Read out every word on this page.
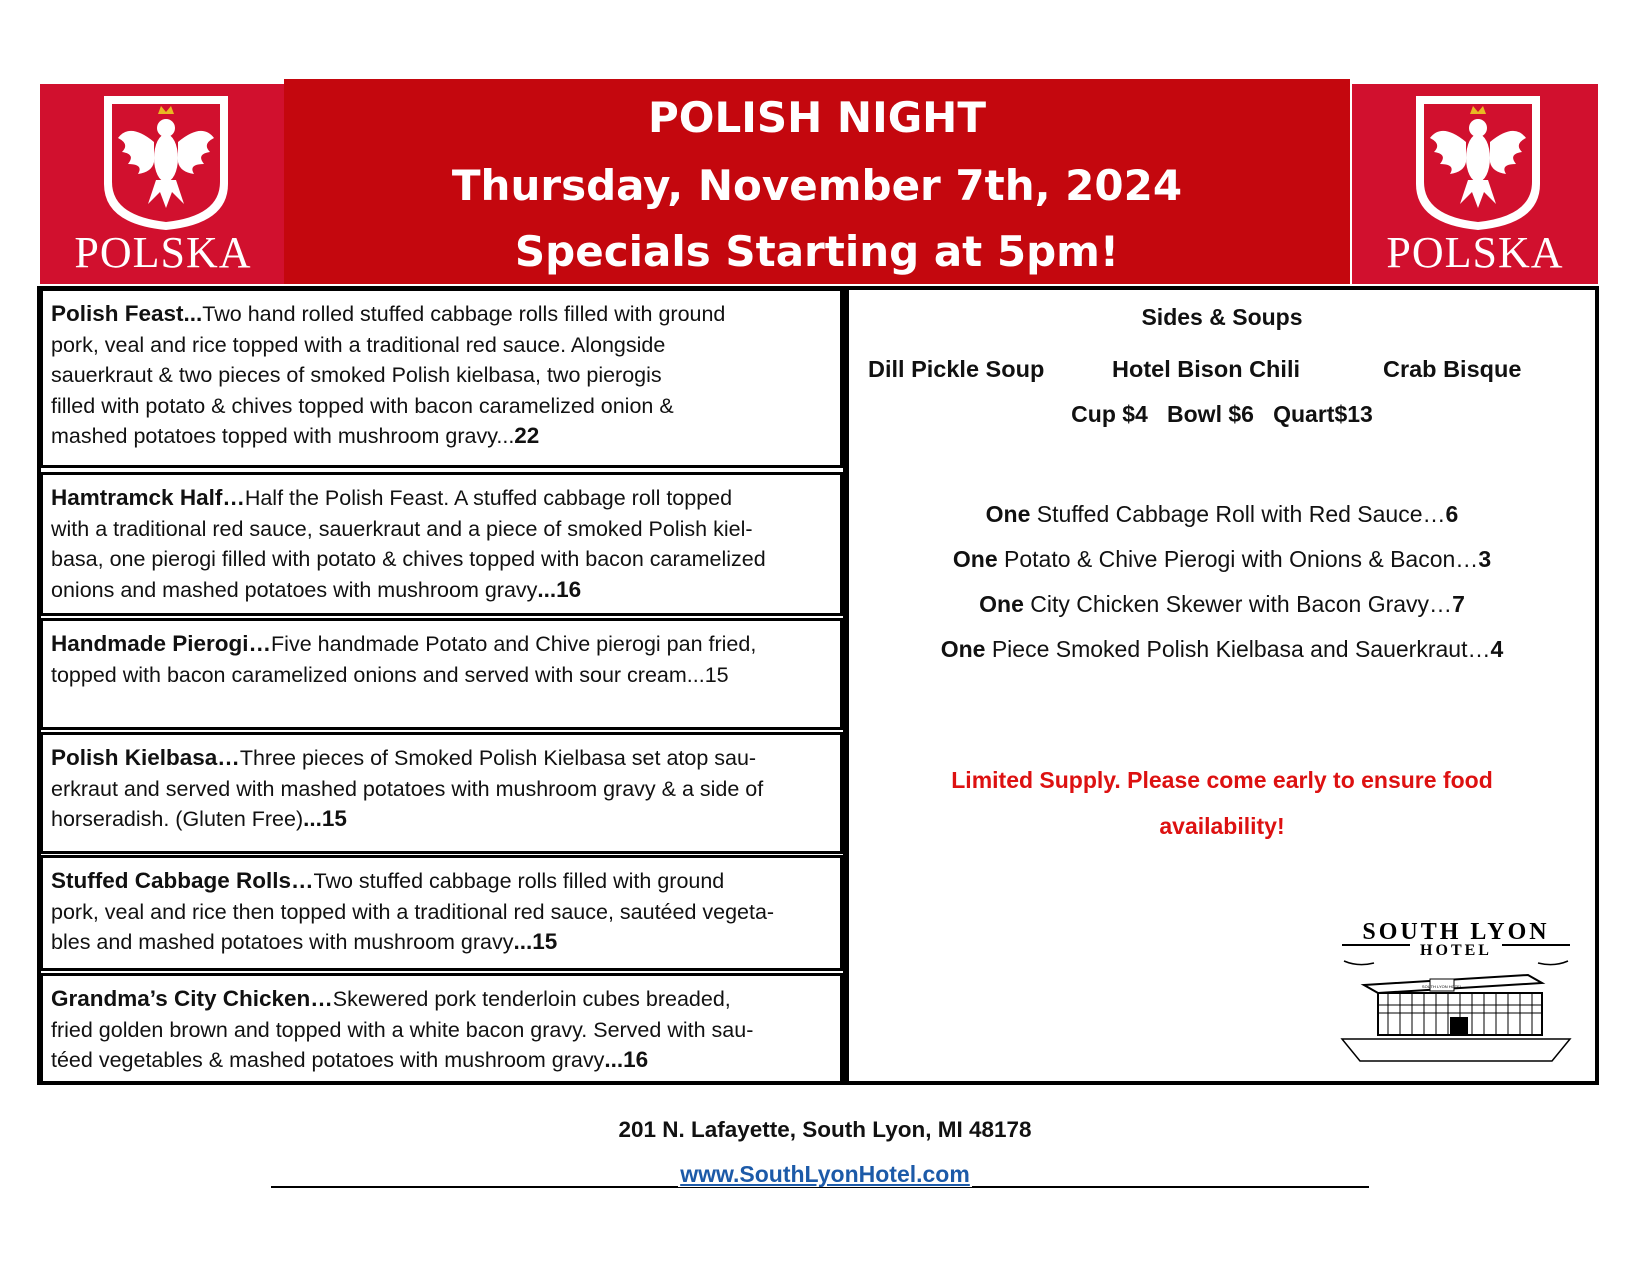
POLSKA
POLISH NIGHT
Thursday, November 7th, 2024
Specials Starting at 5pm!	POLSKA
Polish Feast...Two hand rolled stuffed cabbage rolls filled with ground
pork, veal and rice topped with a traditional red sauce. Alongside
sauerkraut & two pieces of smoked Polish kielbasa, two pierogis
filled with potato & chives topped with bacon caramelized onion &
mashed potatoes topped with mushroom gravy...22
Hamtramck Half…Half the Polish Feast. A stuffed cabbage roll topped
with a traditional red sauce, sauerkraut and a piece of smoked Polish kiel-
basa, one pierogi filled with potato & chives topped with bacon caramelized
onions and mashed potatoes with mushroom gravy...16
Handmade Pierogi…Five handmade Potato and Chive pierogi pan fried,
topped with bacon caramelized onions and served with sour cream...15
Polish Kielbasa…Three pieces of Smoked Polish Kielbasa set atop sau-
erkraut and served with mashed potatoes with mushroom gravy & a side of
horseradish. (Gluten Free)...15
Stuffed Cabbage Rolls…Two stuffed cabbage rolls filled with ground
pork, veal and rice then topped with a traditional red sauce, sautéed vegeta-
bles and mashed potatoes with mushroom gravy...15
Grandma’s City Chicken…Skewered pork tenderloin cubes breaded,
fried golden brown and topped with a white bacon gravy. Served with sau-
téed vegetables & mashed potatoes with mushroom gravy...16
Sides & Soups
Dill Pickle Soup	Hotel Bison Chili	Crab Bisque
Cup $4   Bowl $6   Quart$13
One Stuffed Cabbage Roll with Red Sauce…6
One Potato & Chive Pierogi with Onions & Bacon…3
One City Chicken Skewer with Bacon Gravy…7
One Piece Smoked Polish Kielbasa and Sauerkraut…4
Limited Supply. Please come early to ensure food
availability!
SOUTH LYON
HOTEL
SOUTH LYON HOTEL
201 N. Lafayette, South Lyon, MI 48178
www.SouthLyonHotel.com
